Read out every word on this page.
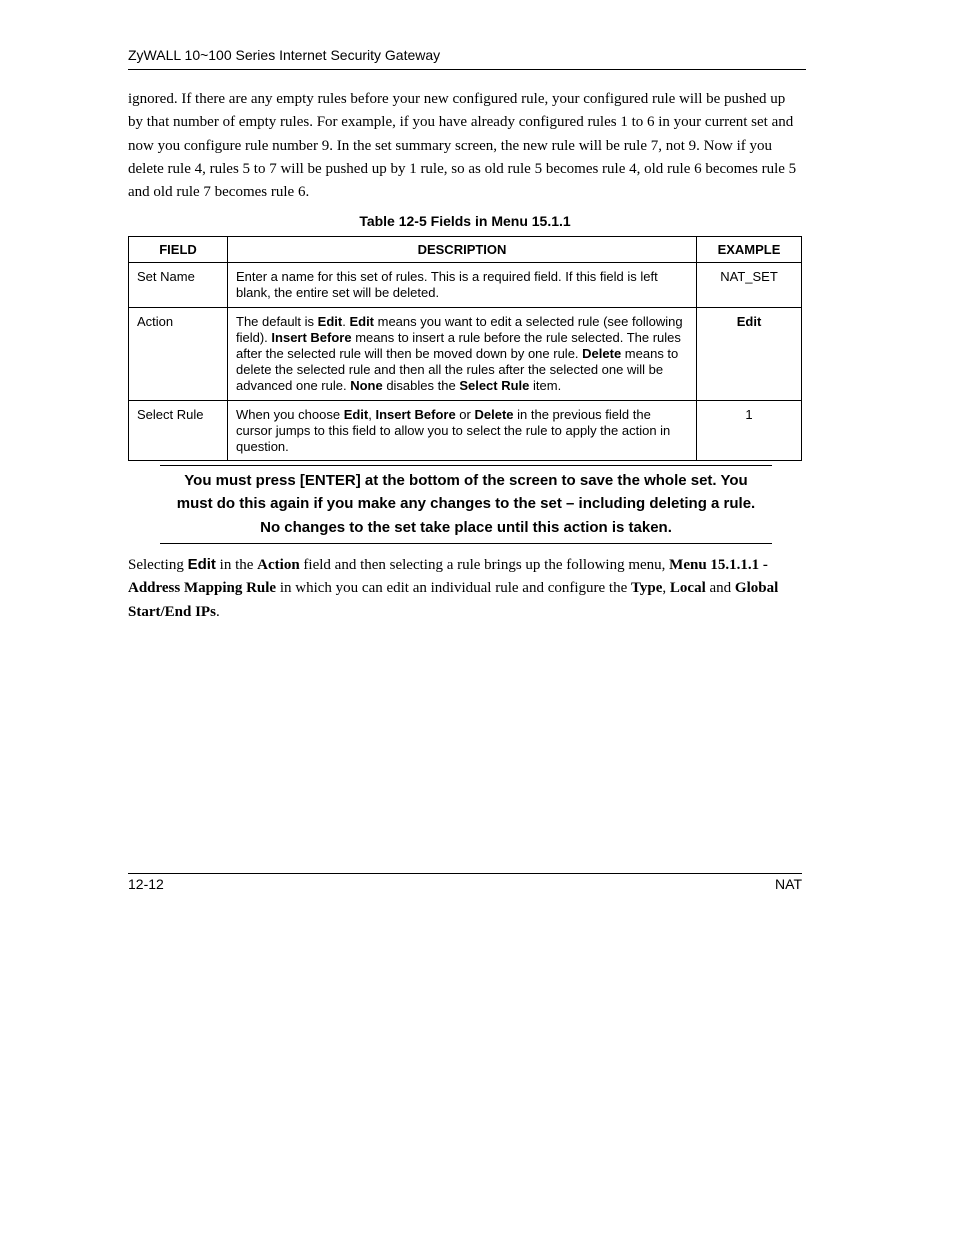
ZyWALL 10~100 Series Internet Security Gateway

ignored. If there are any empty rules before your new configured rule, your configured rule will be pushed up by that number of empty rules. For example, if you have already configured rules 1 to 6 in your current set and now you configure rule number 9. In the set summary screen, the new rule will be rule 7, not 9. Now if you delete rule 4, rules 5 to 7 will be pushed up by 1 rule, so as old rule 5 becomes rule 4, old rule 6 becomes rule 5 and old rule 7 becomes rule 6.

Table 12-5 Fields in Menu 15.1.1
FIELD	DESCRIPTION	EXAMPLE
Set Name	Enter a name for this set of rules. This is a required field. If this field is left blank, the entire set will be deleted.	NAT_SET
Action	The default is Edit. Edit means you want to edit a selected rule (see following field). Insert Before means to insert a rule before the rule selected. The rules after the selected rule will then be moved down by one rule. Delete means to delete the selected rule and then all the rules after the selected one will be advanced one rule. None disables the Select Rule item.	Edit
Select Rule	When you choose Edit, Insert Before or Delete in the previous field the cursor jumps to this field to allow you to select the rule to apply the action in question.	1
You must press [ENTER] at the bottom of the screen to save the whole set. You
must do this again if you make any changes to the set – including deleting a rule.
No changes to the set take place until this action is taken.

Selecting Edit in the Action field and then selecting a rule brings up the following menu, Menu 15.1.1.1 - Address Mapping Rule in which you can edit an individual rule and configure the Type, Local and Global Start/End IPs.

12-12	NAT
